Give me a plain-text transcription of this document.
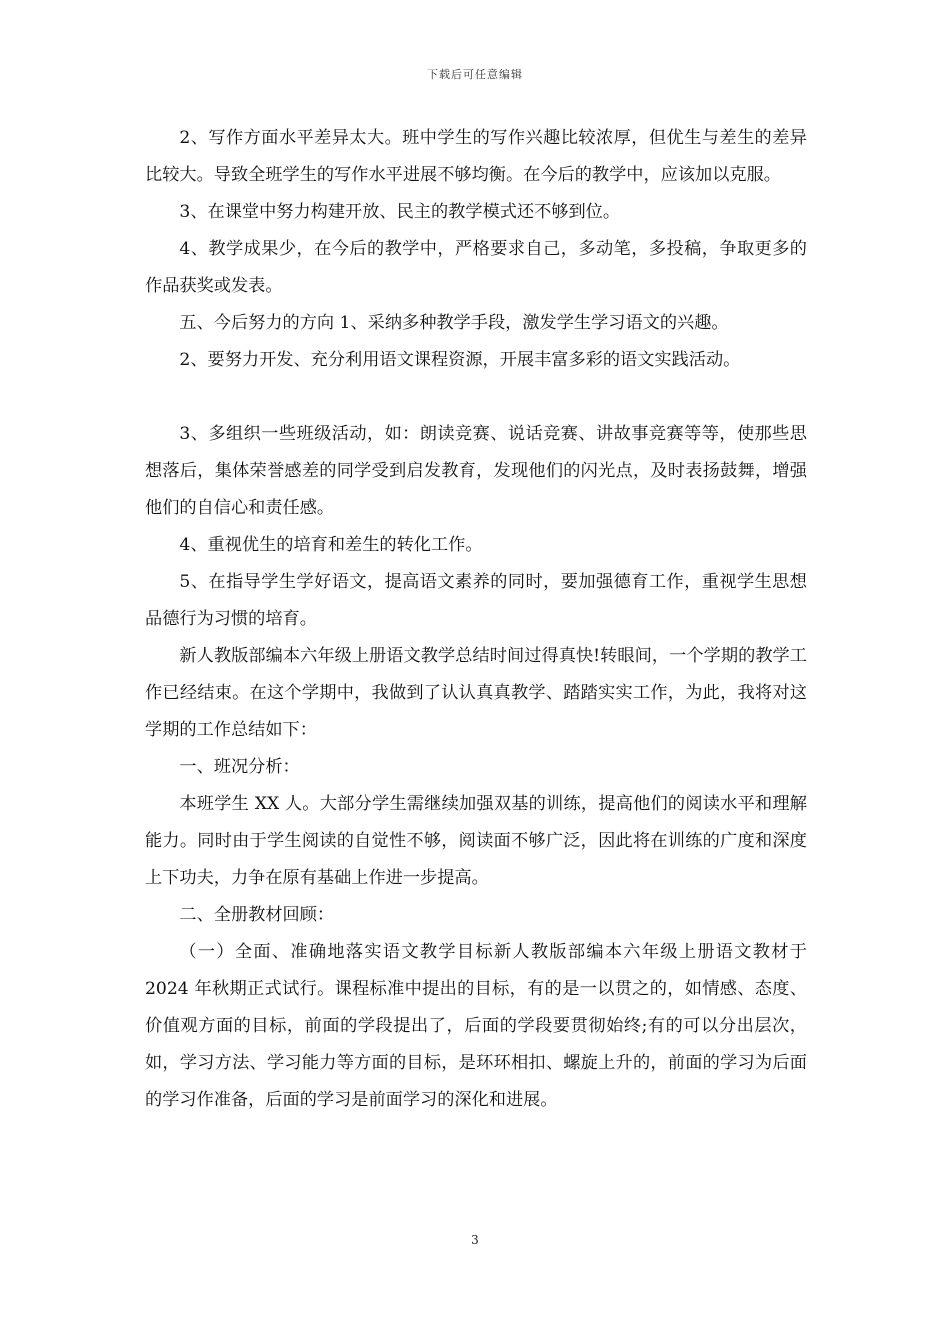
下载后可任意编辑

2、写作方面水平差异太大。班中学生的写作兴趣比较浓厚，但优生与差生的差异比较大。导致全班学生的写作水平进展不够均衡。在今后的教学中，应该加以克服。

3、在课堂中努力构建开放、民主的教学模式还不够到位。

4、教学成果少，在今后的教学中，严格要求自己，多动笔，多投稿，争取更多的作品获奖或发表。

五、今后努力的方向 1、采纳多种教学手段，激发学生学习语文的兴趣。

2、要努力开发、充分利用语文课程资源，开展丰富多彩的语文实践活动。

3、多组织一些班级活动，如：朗读竞赛、说话竞赛、讲故事竞赛等等，使那些思想落后，集体荣誉感差的同学受到启发教育，发现他们的闪光点，及时表扬鼓舞，增强他们的自信心和责任感。

4、重视优生的培育和差生的转化工作。

5、在指导学生学好语文，提高语文素养的同时，要加强德育工作，重视学生思想品德行为习惯的培育。

新人教版部编本六年级上册语文教学总结时间过得真快!转眼间，一个学期的教学工作已经结束。在这个学期中，我做到了认认真真教学、踏踏实实工作，为此，我将对这学期的工作总结如下：

一、班况分析：

本班学生 XX 人。大部分学生需继续加强双基的训练，提高他们的阅读水平和理解能力。同时由于学生阅读的自觉性不够，阅读面不够广泛，因此将在训练的广度和深度上下功夫，力争在原有基础上作进一步提高。

二、全册教材回顾：

（一）全面、准确地落实语文教学目标新人教版部编本六年级上册语文教材于 2024 年秋期正式试行。课程标准中提出的目标，有的是一以贯之的，如情感、态度、价值观方面的目标，前面的学段提出了，后面的学段要贯彻始终;有的可以分出层次，如，学习方法、学习能力等方面的目标，是环环相扣、螺旋上升的，前面的学习为后面的学习作准备，后面的学习是前面学习的深化和进展。

3
